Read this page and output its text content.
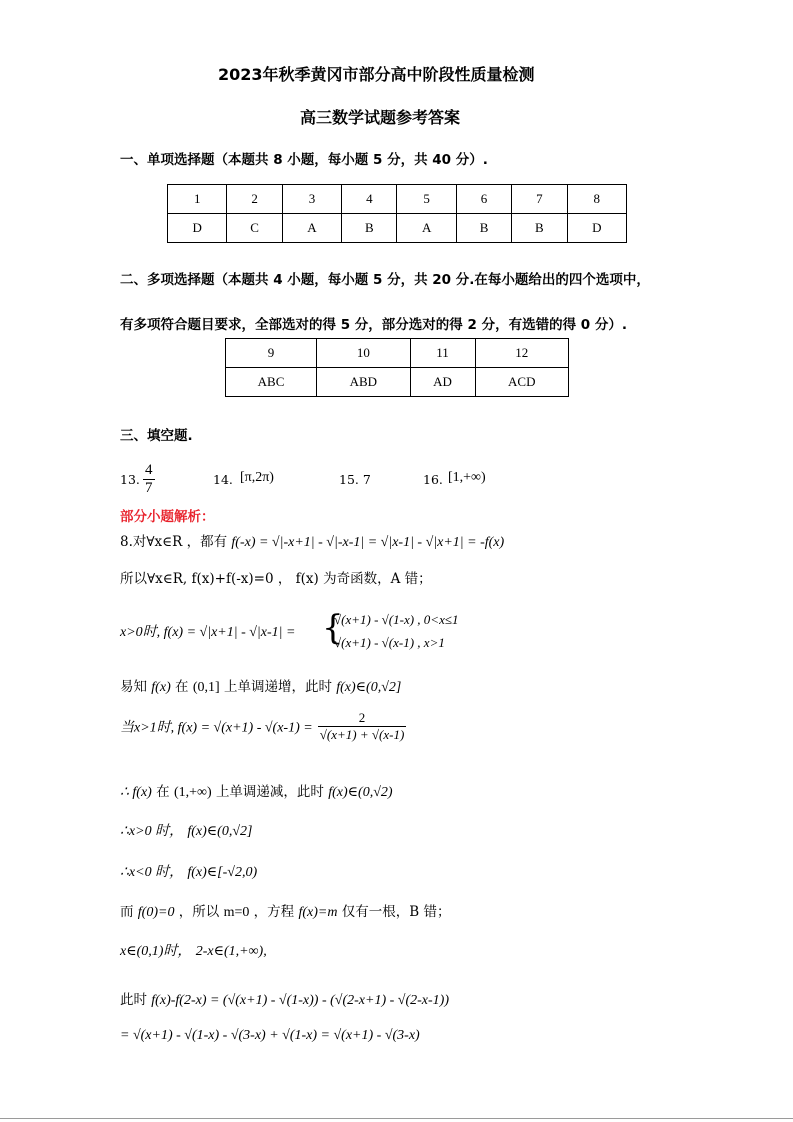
2023年秋季黄冈市部分高中阶段性质量检测
高三数学试题参考答案
一、单项选择题（本题共 8 小题，每小题 5 分，共 40 分）.
1	2	3	4	5	6	7	8
D	C	A	B	A	B	B	D
二、多项选择题（本题共 4 小题，每小题 5 分，共 20 分.在每小题给出的四个选项中，
有多项符合题目要求，全部选对的得 5 分，部分选对的得 2 分，有选错的得 0 分）.
9	10	11	12
ABC	ABD	AD	ACD
三、填空题.
13. $\frac{4}{7}$	14. [π,2π)	15. 7	16. [1,+∞)
部分小题解析：
8.对∀x∈R ，都有 f(-x) = √|-x+1| - √|-x-1| = √|x-1| - √|x+1| = -f(x)
所以∀x∈R, f(x)+f(-x)=0 ， f(x) 为奇函数，A 错；
x>0时, f(x) = √|x+1| - √|x-1| = {
√(x+1) - √(1-x) , 0<x≤1
√(x+1) - √(x-1) , x>1
易知 f(x) 在 (0,1] 上单调递增，此时 f(x)∈(0,√2]
当x>1时, $f(x) = √(x+1) - √(x-1) = \frac{2}{√(x+1) + √(x-1)}$
∴ f(x) 在 (1,+∞) 上单调递减，此时 f(x)∈(0,√2)
∴x>0 时， f(x)∈(0,√2]
∴x<0 时， f(x)∈[-√2,0)
而 f(0)=0 ，所以 m=0 ，方程 f(x)=m 仅有一根，B 错；
x∈(0,1)时， 2-x∈(1,+∞),
此时 f(x)-f(2-x) = (√(x+1) - √(1-x)) - (√(2-x+1) - √(2-x-1))
= √(x+1) - √(1-x) - √(3-x) + √(1-x) = √(x+1) - √(3-x)
